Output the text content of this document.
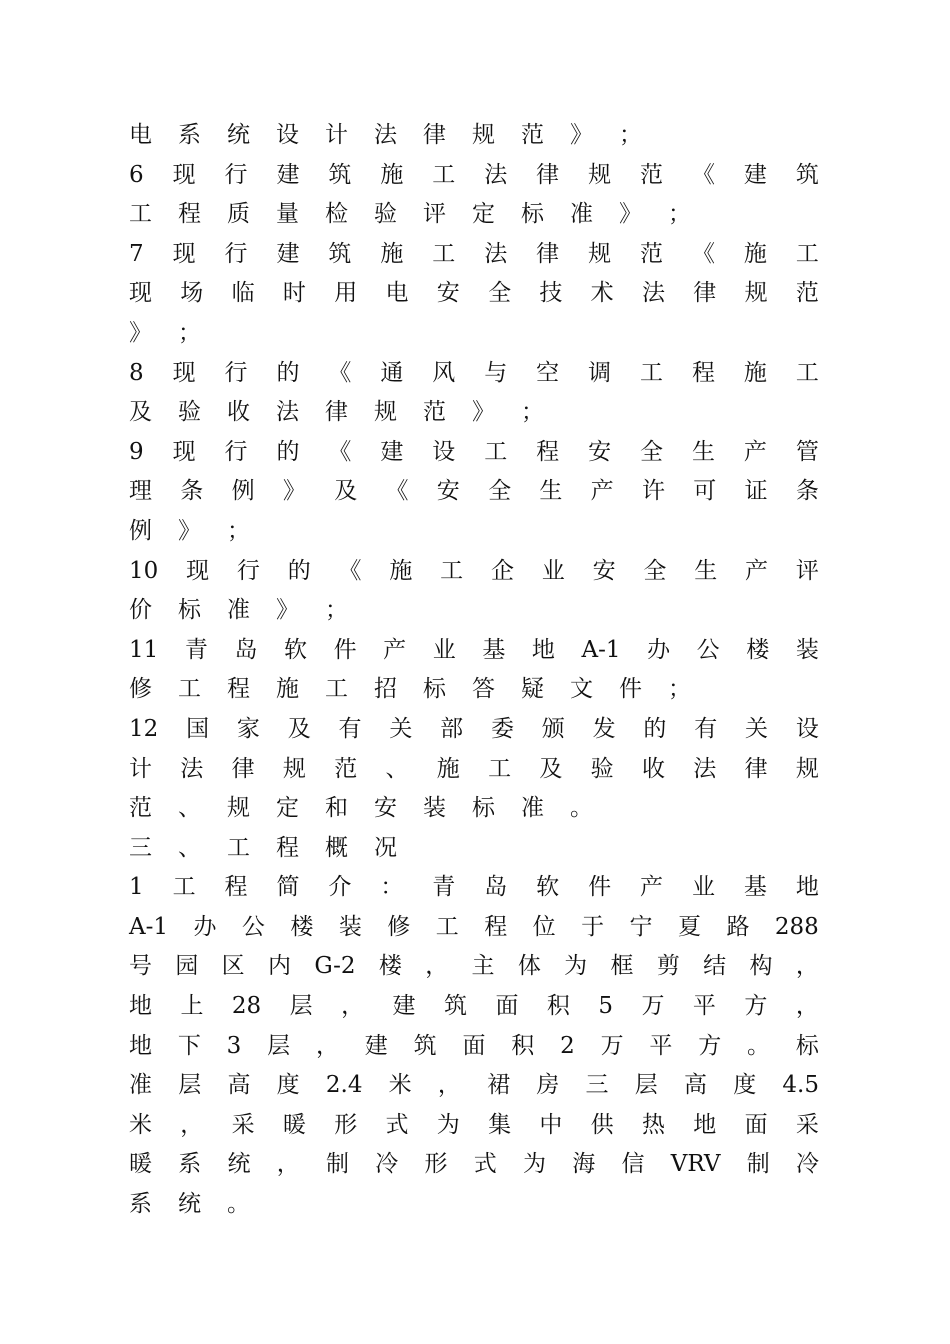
电 系 统 设 计 法 律 规 范 》 ；
6 现 行 建 筑 施 工 法 律 规 范 《 建 筑
工 程 质 量 检 验 评 定 标 准 》 ；
7 现 行 建 筑 施 工 法 律 规 范 《 施 工
现 场 临 时 用 电 安 全 技 术 法 律 规 范
》 ；
8 现 行 的 《 通 风 与 空 调 工 程 施 工
及 验 收 法 律 规 范 》 ；
9 现 行 的 《 建 设 工 程 安 全 生 产 管
理 条 例 》 及 《 安 全 生 产 许 可 证 条
例 》 ；
10 现 行 的 《 施 工 企 业 安 全 生 产 评
价 标 准 》 ；
11 青 岛 软 件 产 业 基 地 A-1 办 公 楼 装
修 工 程 施 工 招 标 答 疑 文 件 ；
12 国 家 及 有 关 部 委 颁 发 的 有 关 设
计 法 律 规 范 、 施 工 及 验 收 法 律 规
范 、 规 定 和 安 装 标 准 。
三 、 工 程 概 况
1 工 程 简 介 ： 青 岛 软 件 产 业 基 地
A-1 办 公 楼 装 修 工 程 位 于 宁 夏 路 288
号 园 区 内 G-2 楼 ， 主 体 为 框 剪 结 构 ，
地 上 28 层 ， 建 筑 面 积 5 万 平 方 ，
地 下 3 层 ， 建 筑 面 积 2 万 平 方 。 标
准 层 高 度 2.4 米 ， 裙 房 三 层 高 度 4.5
米 ， 采 暖 形 式 为 集 中 供 热 地 面 采
暖 系 统 ， 制 冷 形 式 为 海 信 VRV 制 冷
系 统 。
